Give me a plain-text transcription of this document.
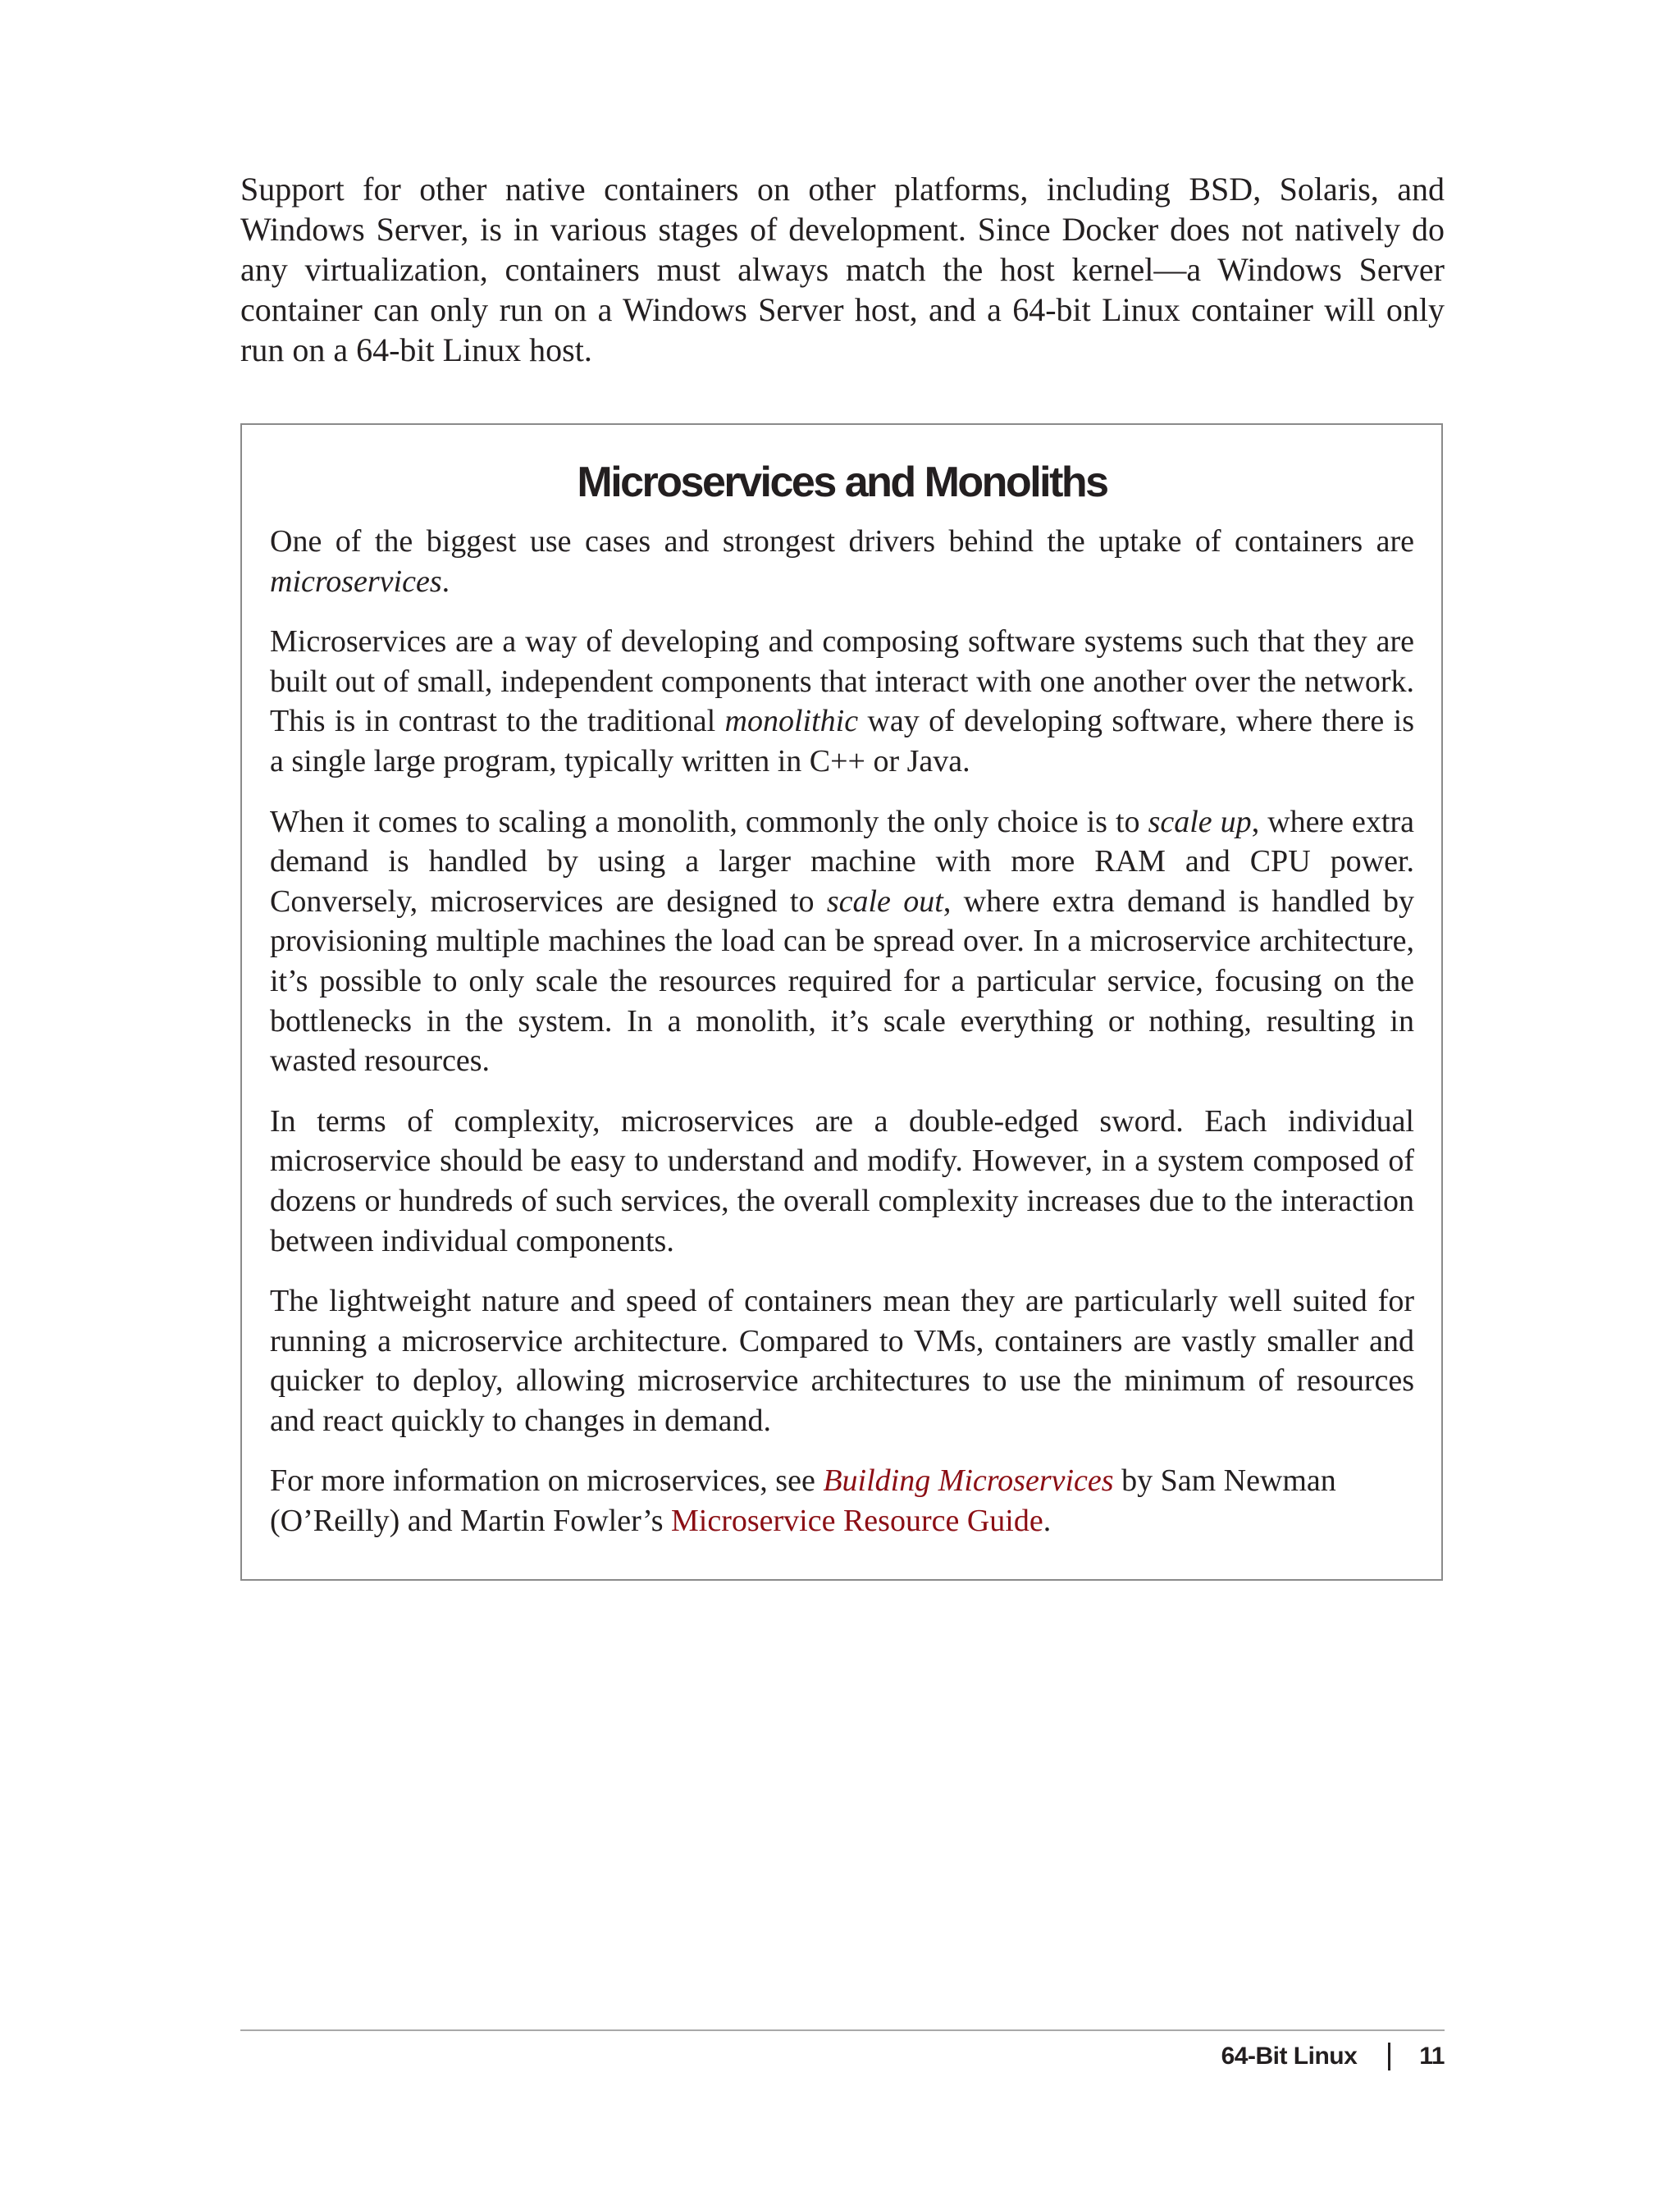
Support for other native containers on other platforms, including BSD, Solaris, and Windows Server, is in various stages of development. Since Docker does not natively do any virtualization, containers must always match the host kernel—a Windows Server container can only run on a Windows Server host, and a 64-bit Linux container will only run on a 64-bit Linux host.

Microservices and Monoliths

One of the biggest use cases and strongest drivers behind the uptake of containers are microservices.

Microservices are a way of developing and composing software systems such that they are built out of small, independent components that interact with one another over the network. This is in contrast to the traditional monolithic way of developing software, where there is a single large program, typically written in C++ or Java.

When it comes to scaling a monolith, commonly the only choice is to scale up, where extra demand is handled by using a larger machine with more RAM and CPU power. Conversely, microservices are designed to scale out, where extra demand is handled by provisioning multiple machines the load can be spread over. In a microservice architecture, it’s possible to only scale the resources required for a particular service, focusing on the bottlenecks in the system. In a monolith, it’s scale everything or nothing, resulting in wasted resources.

In terms of complexity, microservices are a double-edged sword. Each individual microservice should be easy to understand and modify. However, in a system composed of dozens or hundreds of such services, the overall complexity increases due to the interaction between individual components.

The lightweight nature and speed of containers mean they are particularly well suited for running a microservice architecture. Compared to VMs, containers are vastly smaller and quicker to deploy, allowing microservice architectures to use the minimum of resources and react quickly to changes in demand.

For more information on microservices, see Building Microservices by Sam Newman (O’Reilly) and Martin Fowler’s Microservice Resource Guide.

64-Bit Linux	11
